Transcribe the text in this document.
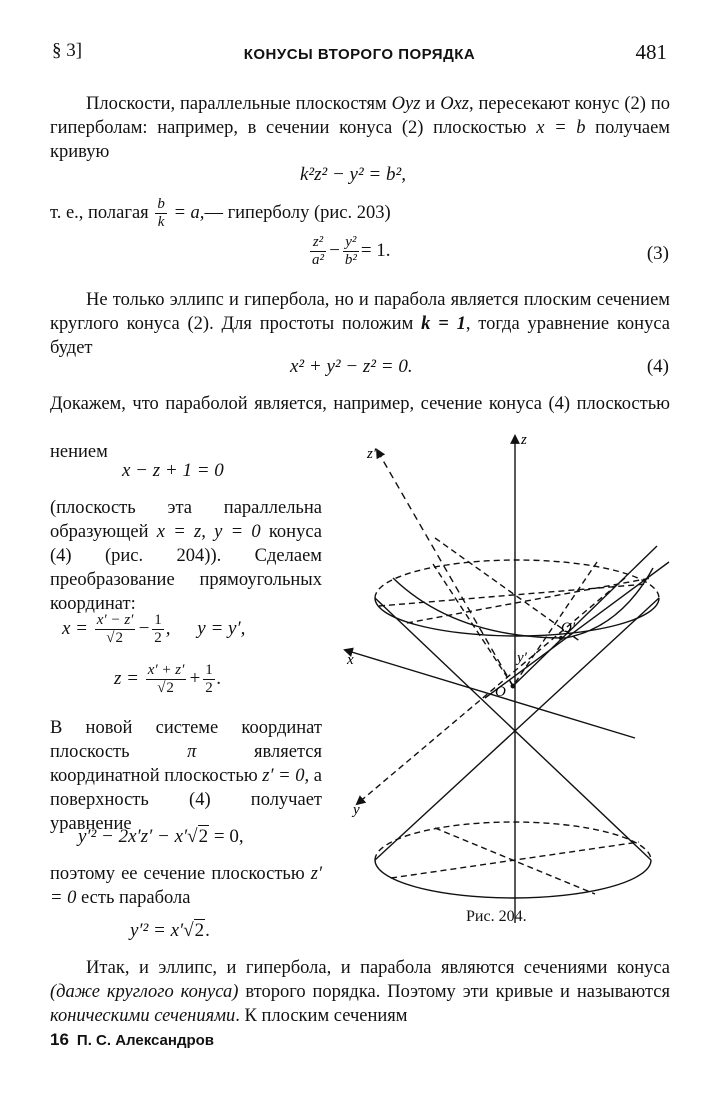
§ 3]	КОНУСЫ ВТОРОГО ПОРЯДКА	481
Плоскости, параллельные плоскостям Oyz и Oxz, пересекают конус (2) по гиперболам: например, в сечении конуса (2) плоскостью x = b получаем кривую
k²z² − y² = b²,
т. е., полагая $\frac{b}{k}$ = a,— гиперболу (рис. 203)
$\frac{\text{z²}}{\text{a²}} - \frac{\text{y²}}{\text{b²}} = 1$.	(3)
Не только эллипс и гипербола, но и парабола является плоским сечением круглого конуса (2). Для простоты положим k = 1, тогда уравнение конуса будет
x² + y² − z² = 0.	(4)
Докажем, что параболой является, например, сечение конуса (4) плоскостью
нением
x − z + 1 = 0
(плоскость эта параллельна образующей x = z, y = 0 конуса (4) (рис. 204)). Сделаем преобразование прямоугольных координат:
$x = \frac{x' - z'}{√2} - \frac{1}{2}$ , y = y′,
$z = \frac{x' + z'}{√2} + \frac{1}{2}$ .
В новой системе координат плоскость π является координатной плоскостью z′ = 0, а поверхность (4) получает уравнение
y′² − 2x′z′ − x′√2 = 0,
поэтому ее сечение плоскостью z′ = 0 есть парабола
y′² = x′√2.
Итак, и эллипс, и гипербола, и парабола являются сечениями конуса (даже круглого конуса) второго порядка. Поэтому эти кривые и называются коническими сечениями. К плоским сечениям
z
z′
x
y
O
O′
y′
Рис. 204.
16 П. С. Александров
